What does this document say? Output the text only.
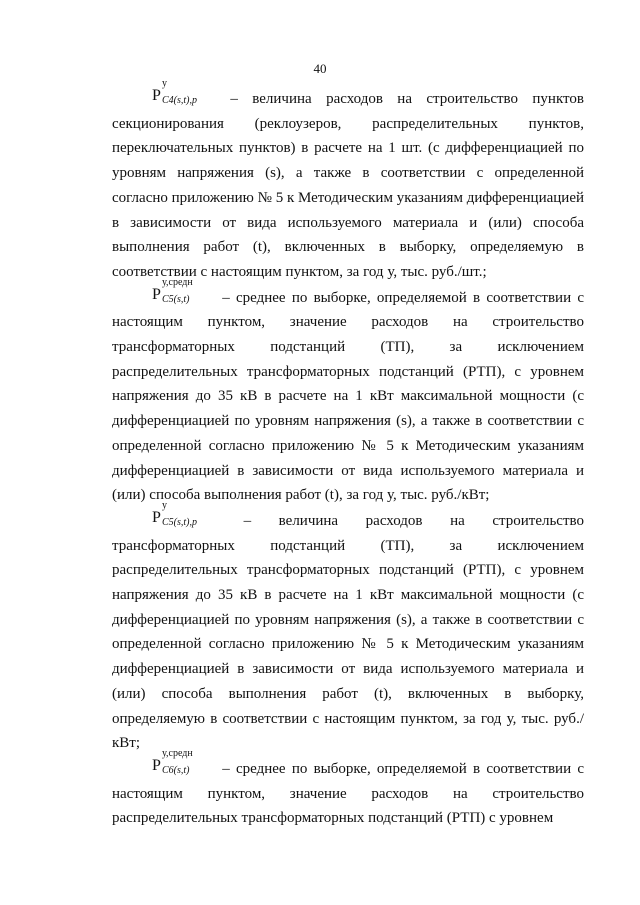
40

P
у
C4(s,t),p – величина расходов на строительство пунктов секционирования (реклоузеров, распределительных пунктов, переключательных пунктов) в расчете на 1 шт. (с дифференциацией по уровням напряжения (s), а также в соответствии с определенной согласно приложению № 5 к Методическим указаниям дифференциацией в зависимости от вида используемого материала и (или) способа выполнения работ (t), включенных в выборку, определяемую в соответствии с настоящим пунктом, за год у, тыс. руб./шт.;

P
у,средн
C5(s,t) – среднее по выборке, определяемой в соответствии с настоящим пунктом, значение расходов на строительство трансформаторных подстанций (ТП), за исключением распределительных трансформаторных подстанций (РТП), с уровнем напряжения до 35 кВ в расчете на 1 кВт максимальной мощности (с дифференциацией по уровням напряжения (s), а также в соответствии с определенной согласно приложению № 5 к Методическим указаниям дифференциацией в зависимости от вида используемого материала и (или) способа выполнения работ (t), за год у, тыс. руб./кВт;

P
у
C5(s,t),p – величина расходов на строительство трансформаторных подстанций (ТП), за исключением распределительных трансформаторных подстанций (РТП), с уровнем напряжения до 35 кВ в расчете на 1 кВт максимальной мощности (с дифференциацией по уровням напряжения (s), а также в соответствии с определенной согласно приложению № 5 к Методическим указаниям дифференциацией в зависимости от вида используемого материала и (или) способа выполнения работ (t), включенных в выборку, определяемую в соответствии с настоящим пунктом, за год у, тыс. руб./кВт;

P
у,средн
C6(s,t) – среднее по выборке, определяемой в соответствии с настоящим пунктом, значение расходов на строительство распределительных трансформаторных подстанций (РТП) с уровнем
